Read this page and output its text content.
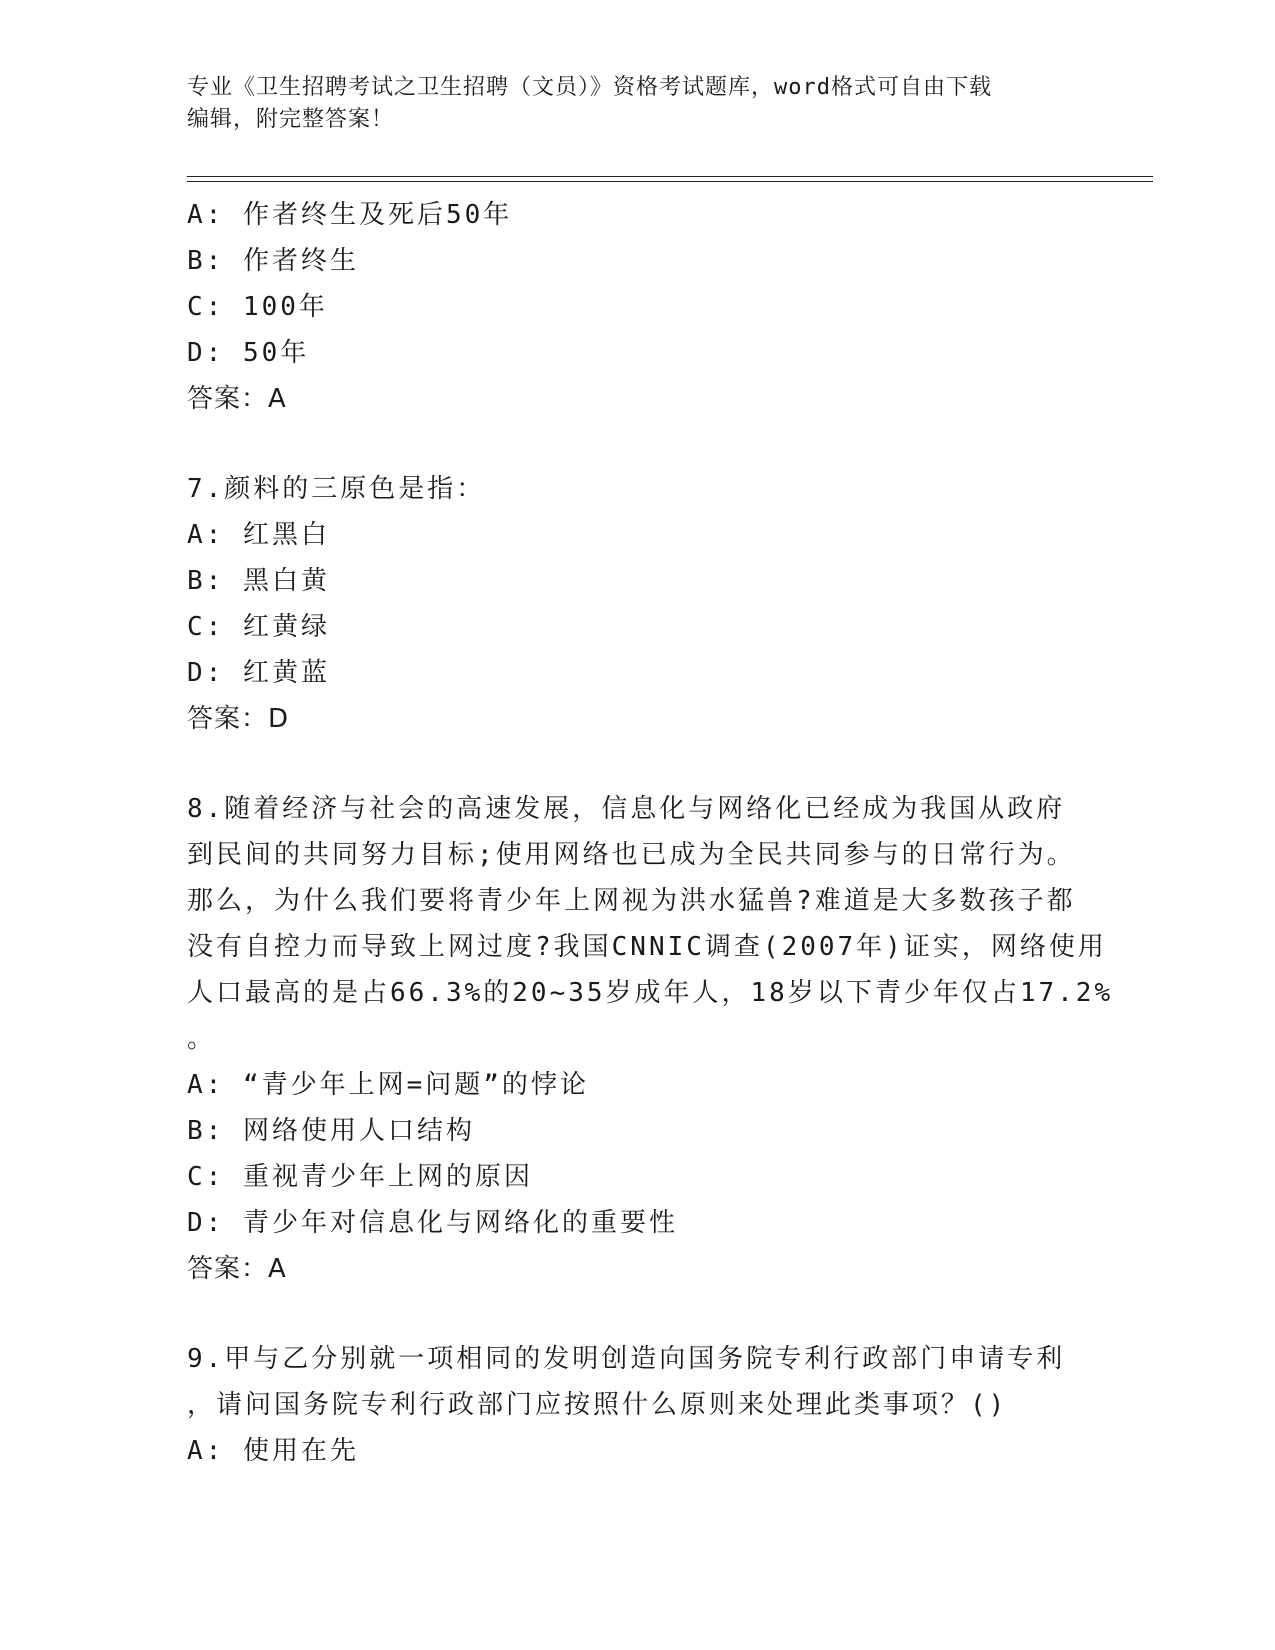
专业《卫生招聘考试之卫生招聘（文员）》资格考试题库，word格式可自由下载
编辑，附完整答案！
A: 作者终生及死后50年
B: 作者终生
C: 100年
D: 50年
答案：A
7.颜料的三原色是指：
A: 红黑白
B: 黑白黄
C: 红黄绿
D: 红黄蓝
答案：D
8.随着经济与社会的高速发展，信息化与网络化已经成为我国从政府
到民间的共同努力目标;使用网络也已成为全民共同参与的日常行为。
那么，为什么我们要将青少年上网视为洪水猛兽?难道是大多数孩子都
没有自控力而导致上网过度?我国CNNIC调查(2007年)证实，网络使用
人口最高的是占66.3%的20~35岁成年人，18岁以下青少年仅占17.2%
。
A: “青少年上网=问题”的悖论
B: 网络使用人口结构
C: 重视青少年上网的原因
D: 青少年对信息化与网络化的重要性
答案：A
9.甲与乙分别就一项相同的发明创造向国务院专利行政部门申请专利
，请问国务院专利行政部门应按照什么原则来处理此类事项？()
A: 使用在先
